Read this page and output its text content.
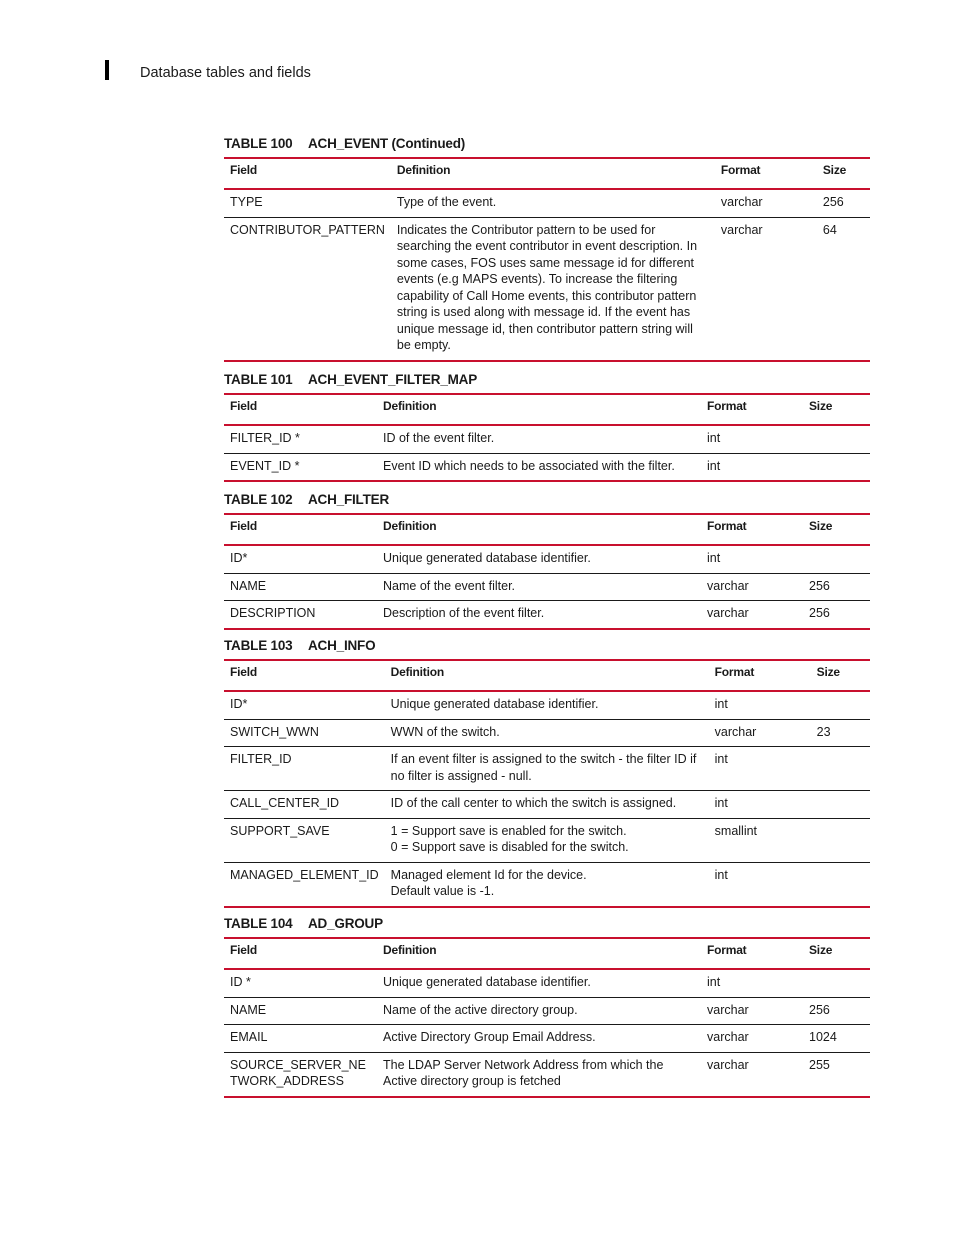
Database tables and fields
TABLE 100 ACH_EVENT (Continued)
Field	Definition	Format	Size
TYPE	Type of the event.	varchar	256
CONTRIBUTOR_PATTERN	Indicates the Contributor pattern to be used for searching the event contributor in event description. In some cases, FOS uses same message id for different events (e.g MAPS events). To increase the filtering capability of Call Home events, this contributor pattern string is used along with message id. If the event has unique message id, then contributor pattern string will be empty.	varchar	64
TABLE 101 ACH_EVENT_FILTER_MAP
Field	Definition	Format	Size
FILTER_ID *	ID of the event filter.	int	
EVENT_ID *	Event ID which needs to be associated with the filter.	int	
TABLE 102 ACH_FILTER
Field	Definition	Format	Size
ID*	Unique generated database identifier.	int	
NAME	Name of the event filter.	varchar	256
DESCRIPTION	Description of the event filter.	varchar	256
TABLE 103 ACH_INFO
Field	Definition	Format	Size
ID*	Unique generated database identifier.	int	
SWITCH_WWN	WWN of the switch.	varchar	23
FILTER_ID	If an event filter is assigned to the switch - the filter ID if no filter is assigned - null.	int	
CALL_CENTER_ID	ID of the call center to which the switch is assigned.	int	
SUPPORT_SAVE	1 = Support save is enabled for the switch.
0 = Support save is disabled for the switch.	smallint	
MANAGED_ELEMENT_ID	Managed element Id for the device.
Default value is -1.	int	
TABLE 104 AD_GROUP
Field	Definition	Format	Size
ID *	Unique generated database identifier.	int	
NAME	Name of the active directory group.	varchar	256
EMAIL	Active Directory Group Email Address.	varchar	1024
SOURCE_SERVER_NETWORK_ADDRESS	The LDAP Server Network Address from which the Active directory group is fetched	varchar	255
